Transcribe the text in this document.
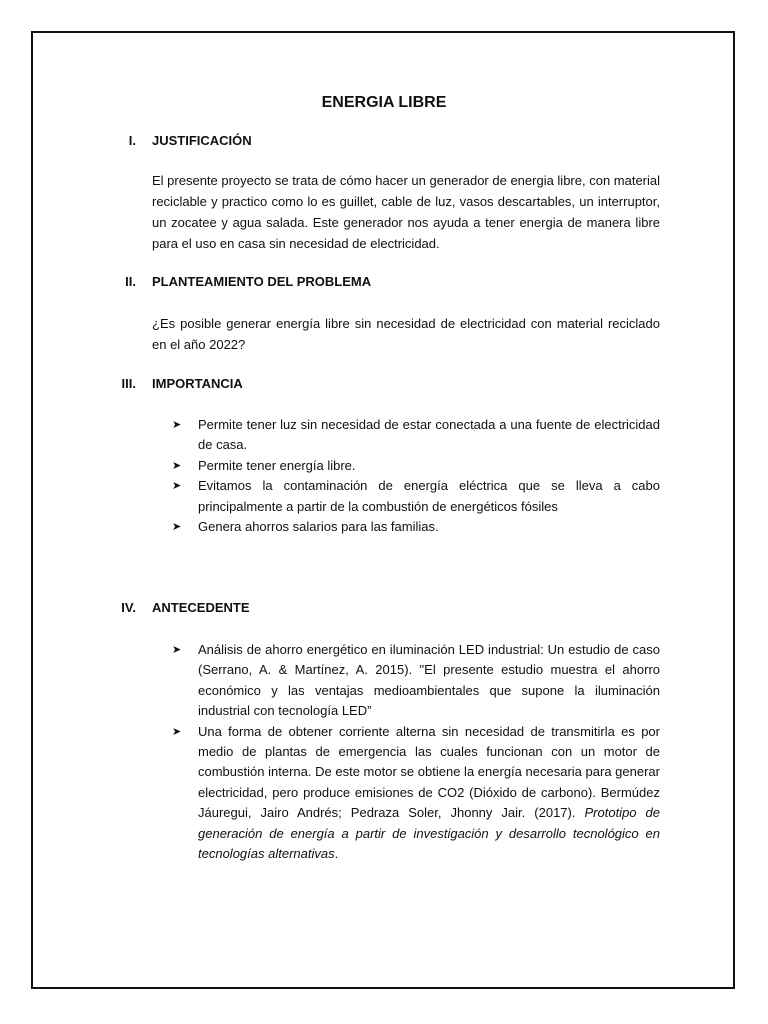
ENERGIA LIBRE
I. JUSTIFICACIÓN
El presente proyecto se trata de cómo hacer un generador de energia libre, con material reciclable y practico como lo es guillet, cable de luz, vasos descartables, un interruptor, un zocatee y agua salada. Este generador nos ayuda a tener energia de manera libre para el uso en casa sin necesidad de electricidad.
II. PLANTEAMIENTO DEL PROBLEMA
¿Es posible generar energía libre sin necesidad de electricidad con material reciclado en el año 2022?
III. IMPORTANCIA
➤ Permite tener luz sin necesidad de estar conectada a una fuente de electricidad de casa.
➤ Permite tener energía libre.
➤ Evitamos la contaminación de energía eléctrica que se lleva a cabo principalmente a partir de la combustión de energéticos fósiles
➤ Genera ahorros salarios para las familias.
IV. ANTECEDENTE
➤ Análisis de ahorro energético en iluminación LED industrial: Un estudio de caso (Serrano, A. & Martínez, A. 2015). "El presente estudio muestra el ahorro económico y las ventajas medioambientales que supone la iluminación industrial con tecnología LED”
➤ Una forma de obtener corriente alterna sin necesidad de transmitirla es por medio de plantas de emergencia las cuales funcionan con un motor de combustión interna. De este motor se obtiene la energía necesaria para generar electricidad, pero produce emisiones de CO2 (Dióxido de carbono). Bermúdez Jáuregui, Jairo Andrés; Pedraza Soler, Jhonny Jair. (2017). Prototipo de generación de energía a partir de investigación y desarrollo tecnológico en tecnologías alternativas.
